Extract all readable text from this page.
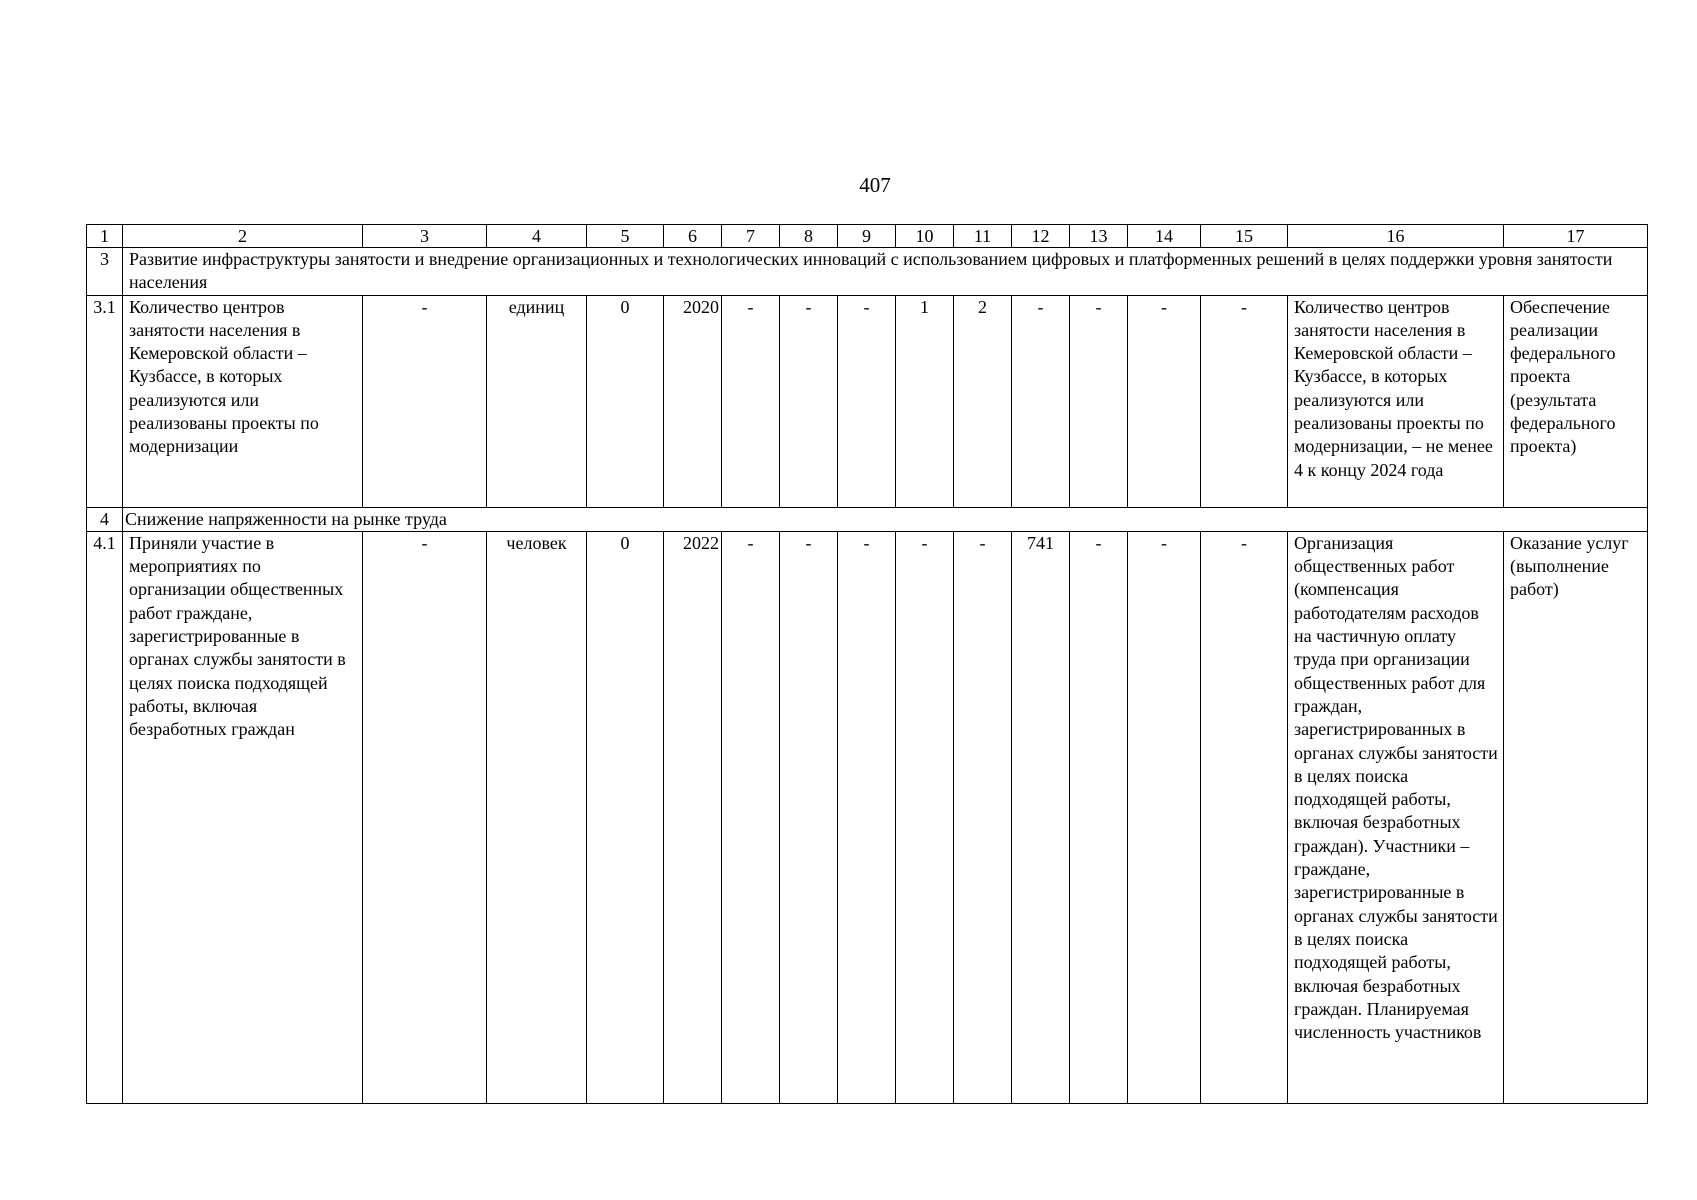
407
1	2	3	4	5	6	7	8	9	10	11	12	13	14	15	16	17
3	Развитие инфраструктуры занятости и внедрение организационных и технологических инноваций с использованием цифровых и платформенных решений в целях поддержки уровня занятости населения															
3.1	Количество центров занятости населения в Кемеровской области – Кузбассе, в которых реализуются или реализованы проекты по модернизации	-	единиц	0	2020	-	-	-	1	2	-	-	-	-	Количество центров занятости населения в Кемеровской области – Кузбассе, в которых реализуются или реализованы проекты по модернизации, – не менее 4 к концу 2024 года	Обеспечение реализации федерального проекта (результата федерального проекта)
4	Снижение напряженности на рынке труда															
4.1	Приняли участие в мероприятиях по организации общественных работ граждане, зарегистрированные в органах службы занятости в целях поиска подходящей работы, включая безработных граждан	-	человек	0	2022	-	-	-	-	-	741	-	-	-	Организация общественных работ (компенсация работодателям расходов на частичную оплату труда при организации общественных работ для граждан, зарегистрированных в органах службы занятости в целях поиска подходящей работы, включая безработных граждан). Участники – граждане, зарегистрированные в органах службы занятости в целях поиска подходящей работы, включая безработных граждан. Планируемая численность участников	Оказание услуг (выполнение работ)
